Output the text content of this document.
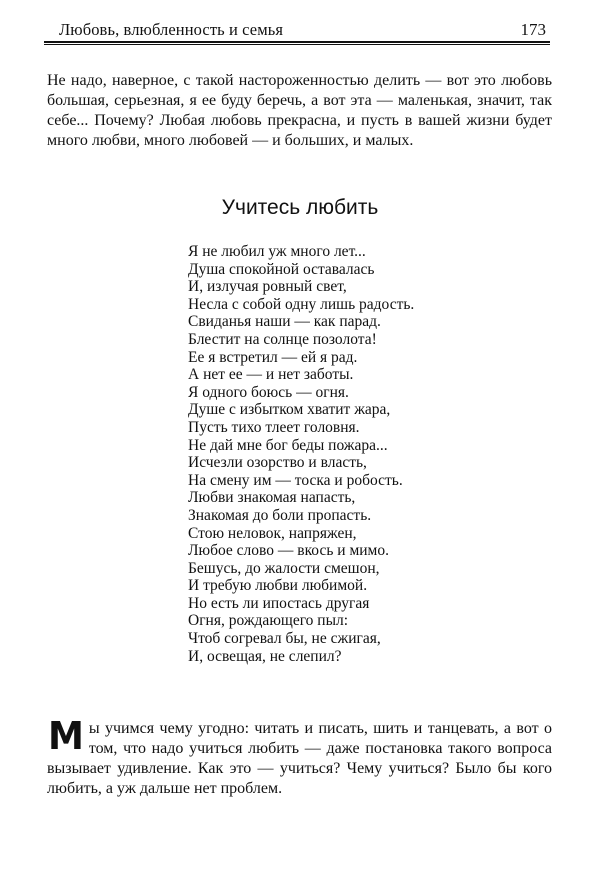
Любовь, влюбленность и семья	173

Не надо, наверное, с такой настороженностью делить — вот это любовь большая, серьезная, я ее буду беречь, а вот эта — маленькая, значит, так себе... Почему? Любая любовь прекрасна, и пусть в вашей жизни будет много любви, много любовей — и больших, и малых.

Учитесь любить
Я не любил уж много лет...
Душа спокойной оставалась
И, излучая ровный свет,
Несла с собой одну лишь радость.
Свиданья наши — как парад.
Блестит на солнце позолота!
Ее я встретил — ей я рад.
А нет ее — и нет заботы.
Я одного боюсь — огня.
Душе с избытком хватит жара,
Пусть тихо тлеет головня.
Не дай мне бог беды пожара...
Исчезли озорство и власть,
На смену им — тоска и робость.
Любви знакомая напасть,
Знакомая до боли пропасть.
Стою неловок, напряжен,
Любое слово — вкось и мимо.
Бешусь, до жалости смешон,
И требую любви любимой.
Но есть ли ипостась другая
Огня, рождающего пыл:
Чтоб согревал бы, не сжигая,
И, освещая, не слепил?

Мы учимся чему угодно: читать и писать, шить и танцевать, а вот о том, что надо учиться любить — даже постановка такого вопроса вызывает удивление. Как это — учиться? Чему учиться? Было бы кого любить, а уж дальше нет проблем.
